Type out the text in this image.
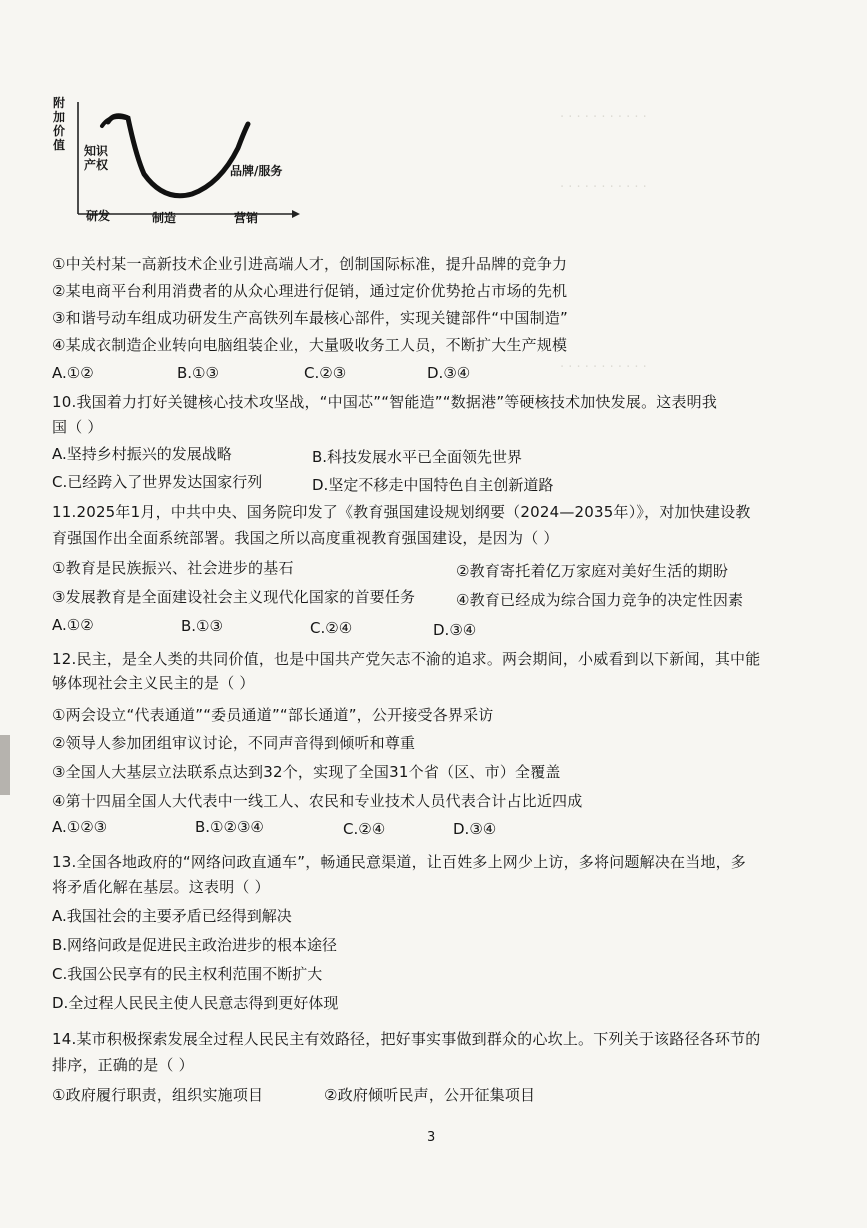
· · · · · · · · · · ·
· · · · · · · · · · ·
· · · · · · · · · · ·
附加价值	知识产权	品牌/服务
研发	制造	营销
①中关村某一高新技术企业引进高端人才，创制国际标准，提升品牌的竞争力
②某电商平台利用消费者的从众心理进行促销，通过定价优势抢占市场的先机
③和谐号动车组成功研发生产高铁列车最核心部件，实现关键部件“中国制造”
④某成衣制造企业转向电脑组装企业，大量吸收务工人员，不断扩大生产规模
A.①②	B.①③	C.②③	D.③④
10.我国着力打好关键核心技术攻坚战，“中国芯”“智能造”“数据港”等硬核技术加快发展。这表明我
国（ ）
A.坚持乡村振兴的发展战略	B.科技发展水平已全面领先世界
C.已经跨入了世界发达国家行列	D.坚定不移走中国特色自主创新道路
11.2025年1月，中共中央、国务院印发了《教育强国建设规划纲要（2024—2035年）》，对加快建设教
育强国作出全面系统部署。我国之所以高度重视教育强国建设，是因为（ ）
①教育是民族振兴、社会进步的基石	②教育寄托着亿万家庭对美好生活的期盼
③发展教育是全面建设社会主义现代化国家的首要任务	④教育已经成为综合国力竞争的决定性因素
A.①②	B.①③	C.②④	D.③④
12.民主，是全人类的共同价值，也是中国共产党矢志不渝的追求。两会期间，小威看到以下新闻，其中能
够体现社会主义民主的是（ ）
①两会设立“代表通道”“委员通道”“部长通道”，公开接受各界采访
②领导人参加团组审议讨论，不同声音得到倾听和尊重
③全国人大基层立法联系点达到32个，实现了全国31个省（区、市）全覆盖
④第十四届全国人大代表中一线工人、农民和专业技术人员代表合计占比近四成
A.①②③	B.①②③④	C.②④	D.③④
13.全国各地政府的“网络问政直通车”，畅通民意渠道，让百姓多上网少上访，多将问题解决在当地，多
将矛盾化解在基层。这表明（ ）
A.我国社会的主要矛盾已经得到解决
B.网络问政是促进民主政治进步的根本途径
C.我国公民享有的民主权利范围不断扩大
D.全过程人民民主使人民意志得到更好体现
14.某市积极探索发展全过程人民民主有效路径，把好事实事做到群众的心坎上。下列关于该路径各环节的
排序，正确的是（ ）
①政府履行职责，组织实施项目	②政府倾听民声，公开征集项目
3
